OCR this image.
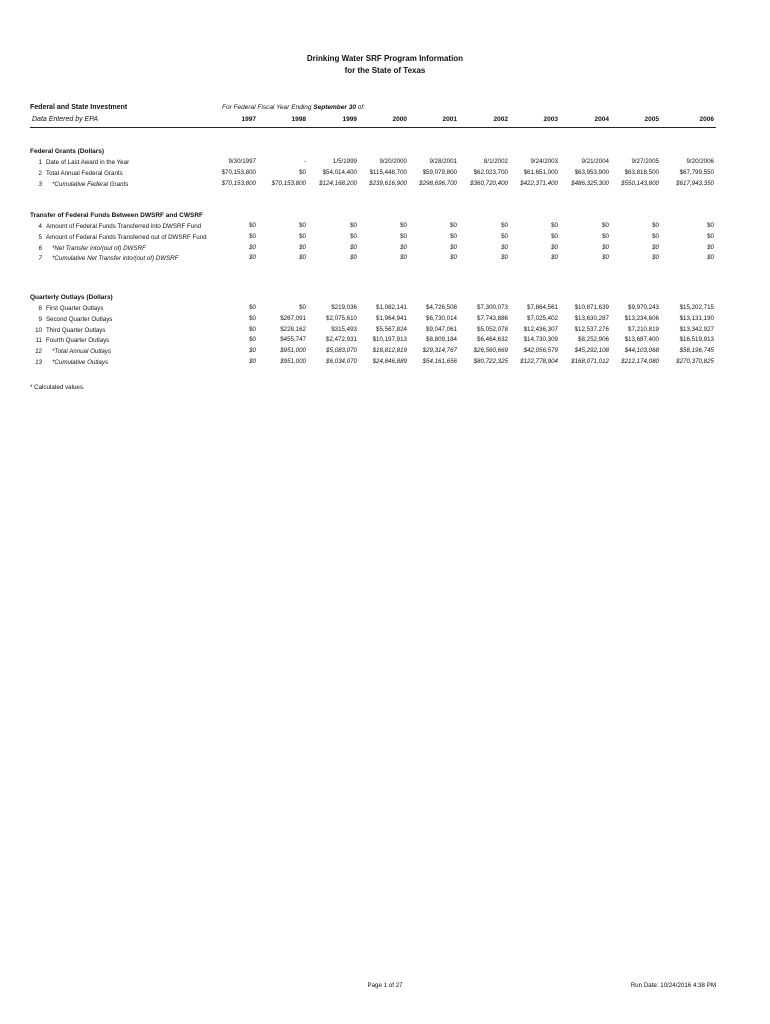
Drinking Water SRF Program Information
for the State of Texas
Federal and State Investment
Data Entered by EPA
For Federal Fiscal Year Ending September 30 of:
1997	1998	1999	2000	2001	2002	2003	2004	2005	2006
Federal Grants (Dollars)
1 Date of Last Award in the Year	9/30/1997	-	1/5/1999	9/20/2000	9/28/2001	8/1/2002	9/24/2003	9/21/2004	9/27/2005	9/20/2006
2 Total Annual Federal Grants	$70,153,800	$0	$54,014,400	$115,448,700	$59,079,800	$62,023,700	$61,651,000	$63,953,900	$63,818,500	$67,799,550
3 *Cumulative Federal Grants	$70,153,800	$70,153,800	$124,168,200	$239,616,900	$298,696,700	$360,720,400	$422,371,400	$486,325,300	$550,143,800	$617,943,350
Transfer of Federal Funds Between DWSRF and CWSRF
4 Amount of Federal Funds Transferred into DWSRF Fund	$0	$0	$0	$0	$0	$0	$0	$0	$0	$0
5 Amount of Federal Funds Transferred out of DWSRF Fund	$0	$0	$0	$0	$0	$0	$0	$0	$0	$0
6 *Net Transfer into/(out of) DWSRF	$0	$0	$0	$0	$0	$0	$0	$0	$0	$0
7 *Cumulative Net Transfer into/(out of) DWSRF	$0	$0	$0	$0	$0	$0	$0	$0	$0	$0
Quarterly Outlays (Dollars)
8 First Quarter Outlays	$0	$0	$219,036	$1,082,141	$4,726,508	$7,300,073	$7,864,561	$10,871,639	$9,970,243	$15,202,715
9 Second Quarter Outlays	$0	$267,091	$2,075,610	$1,964,941	$6,730,014	$7,743,886	$7,025,402	$13,630,287	$13,234,606	$13,131,190
10 Third Quarter Outlays	$0	$228,162	$315,493	$5,567,824	$9,047,061	$5,052,078	$12,436,307	$12,537,276	$7,210,819	$13,342,927
11 Fourth Quarter Outlays	$0	$455,747	$2,472,931	$10,197,913	$8,809,184	$6,464,632	$14,730,309	$8,252,906	$13,687,400	$16,519,913
12 *Total Annual Outlays	$0	$951,000	$5,083,070	$18,812,819	$29,314,767	$26,560,669	$42,056,579	$45,292,108	$44,103,068	$58,196,745
13 *Cumulative Outlays	$0	$951,000	$6,034,070	$24,846,889	$54,161,656	$80,722,325	$122,778,904	$168,071,012	$212,174,080	$270,370,825
* Calculated values.
Page 1 of 27	Run Date: 10/24/2016 4:38 PM
